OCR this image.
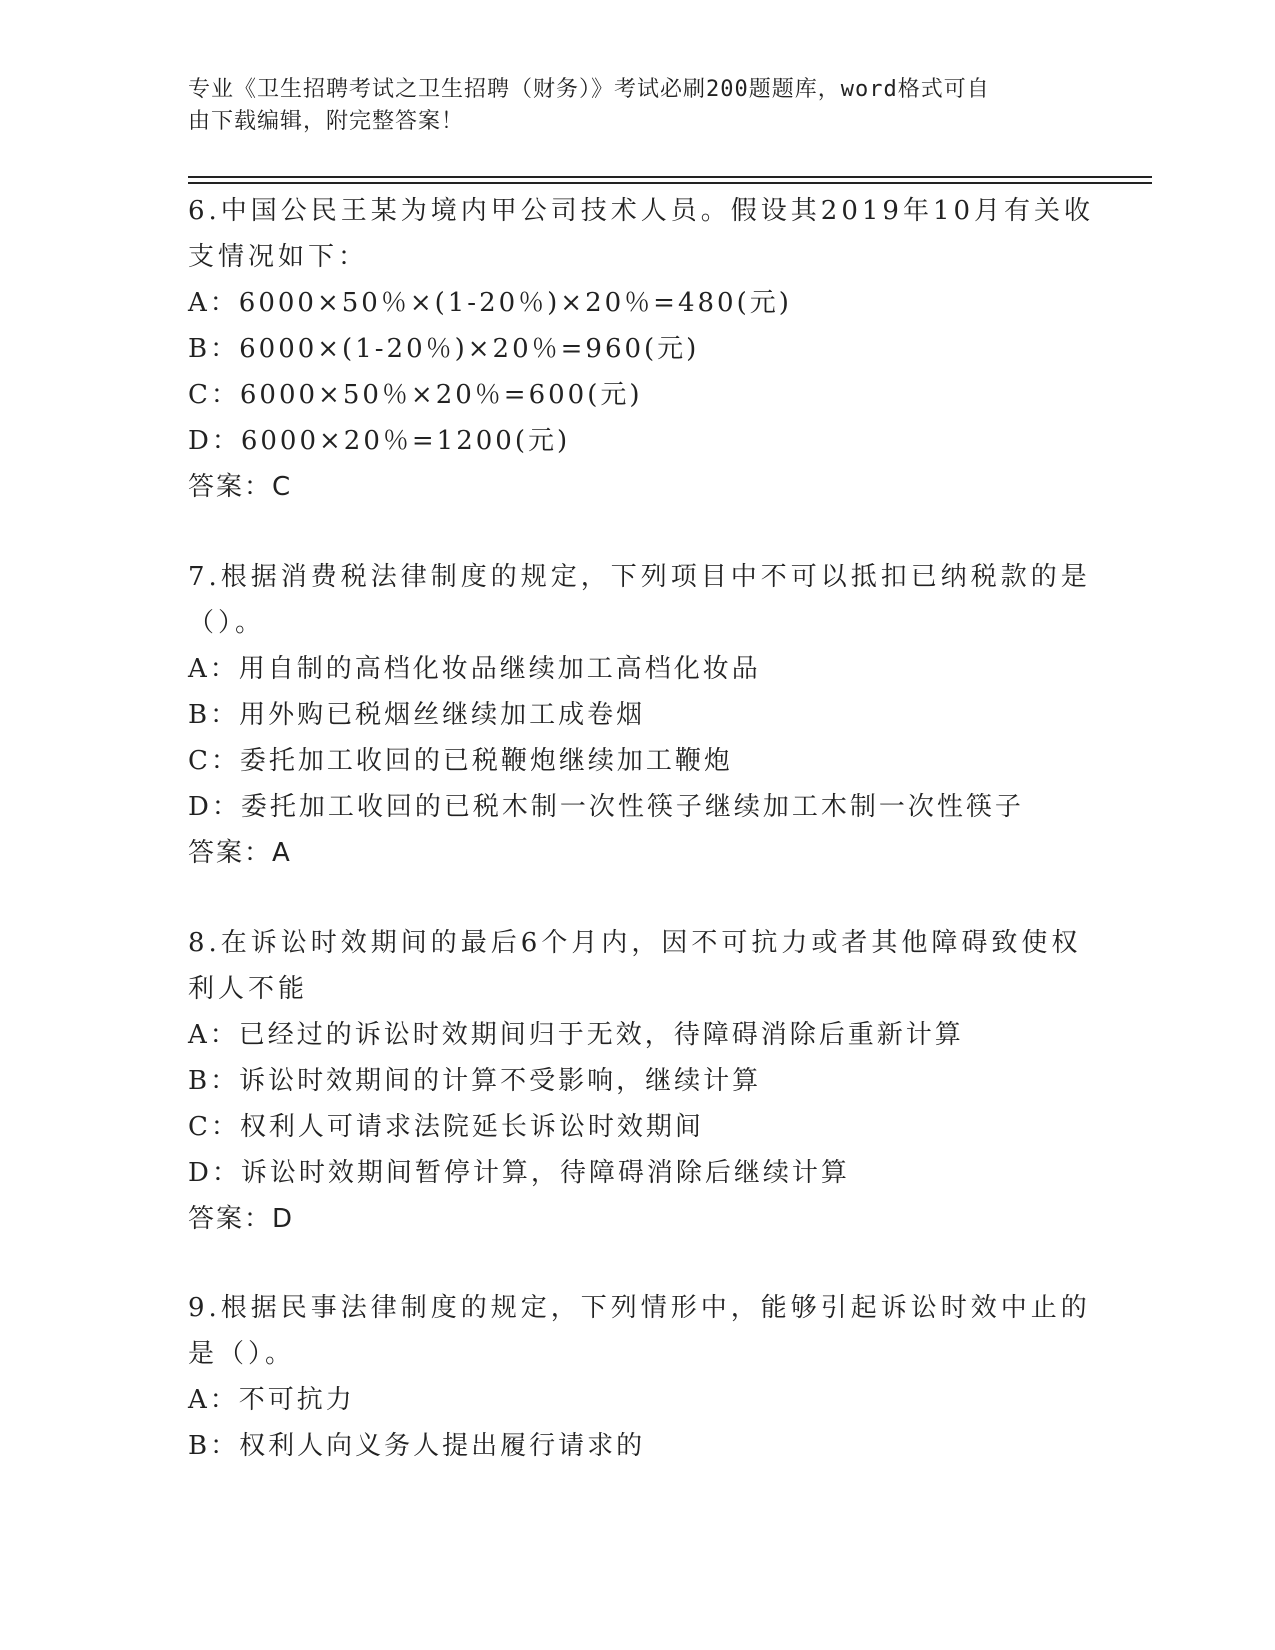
专业《卫生招聘考试之卫生招聘（财务）》考试必刷200题题库，word格式可自
由下载编辑，附完整答案！
6.中国公民王某为境内甲公司技术人员。假设其2019年10月有关收
支情况如下：
A：6000×50％×(1-20％)×20％=480(元)
B：6000×(1-20％)×20％=960(元)
C：6000×50％×20％=600(元)
D：6000×20％=1200(元)
答案：C
7.根据消费税法律制度的规定，下列项目中不可以抵扣已纳税款的是
（）。
A：用自制的高档化妆品继续加工高档化妆品
B：用外购已税烟丝继续加工成卷烟
C：委托加工收回的已税鞭炮继续加工鞭炮
D：委托加工收回的已税木制一次性筷子继续加工木制一次性筷子
答案：A
8.在诉讼时效期间的最后6个月内，因不可抗力或者其他障碍致使权
利人不能
A：已经过的诉讼时效期间归于无效，待障碍消除后重新计算
B：诉讼时效期间的计算不受影响，继续计算
C：权利人可请求法院延长诉讼时效期间
D：诉讼时效期间暂停计算，待障碍消除后继续计算
答案：D
9.根据民事法律制度的规定，下列情形中，能够引起诉讼时效中止的
是（）。
A：不可抗力
B：权利人向义务人提出履行请求的
